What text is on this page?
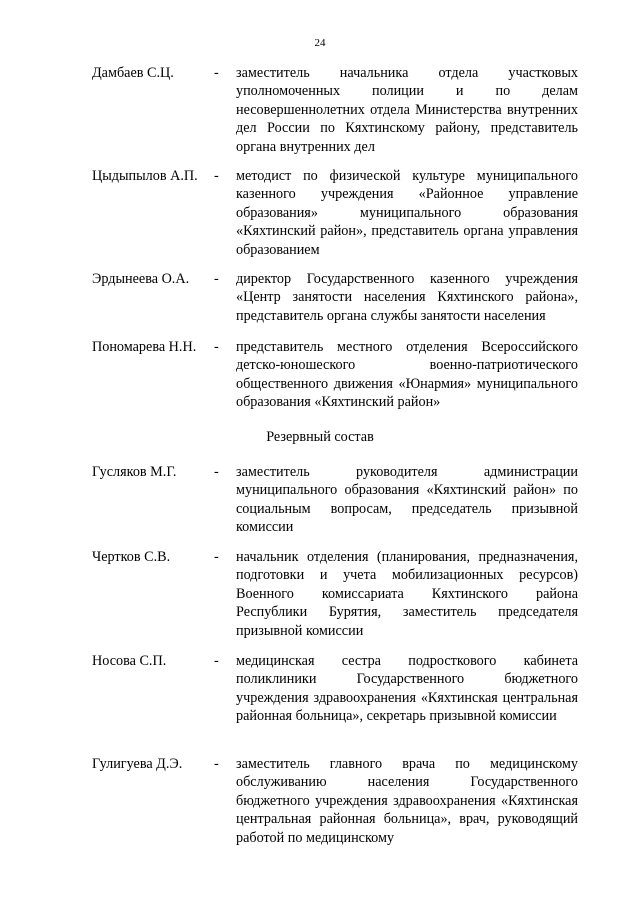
24
Дамбаев С.Ц.	- заместитель начальника отдела участковых уполномоченных полиции и по делам несовершеннолетних отдела Министерства внутренних дел России по Кяхтинскому району, представитель органа внутренних дел
Цыдыпылов А.П. - методист по физической культуре муниципального казенного учреждения «Районное управление образования» муниципального образования «Кяхтинский район», представитель органа управления образованием
Эрдынеева О.А. - директор Государственного казенного учреждения «Центр занятости населения Кяхтинского района», представитель органа службы занятости населения
Пономарева Н.Н. - представитель местного отделения Всероссийского детско-юношеского военно-патриотического общественного движения «Юнармия» муниципального образования «Кяхтинский район»
Резервный состав
Гусляков М.Г.	- заместитель руководителя администрации муниципального образования «Кяхтинский район» по социальным вопросам, председатель призывной комиссии
Чертков С.В.	- начальник отделения (планирования, предназначения, подготовки и учета мобилизационных ресурсов) Военного комиссариата Кяхтинского района Республики Бурятия, заместитель председателя призывной комиссии
Носова С.П.	- медицинская сестра подросткового кабинета поликлиники Государственного бюджетного учреждения здравоохранения «Кяхтинская центральная районная больница», секретарь призывной комиссии
Гулигуева Д.Э. - заместитель главного врача по медицинскому обслуживанию населения Государственного бюджетного учреждения здравоохранения «Кяхтинская центральная районная больница», врач, руководящий работой по медицинскому
